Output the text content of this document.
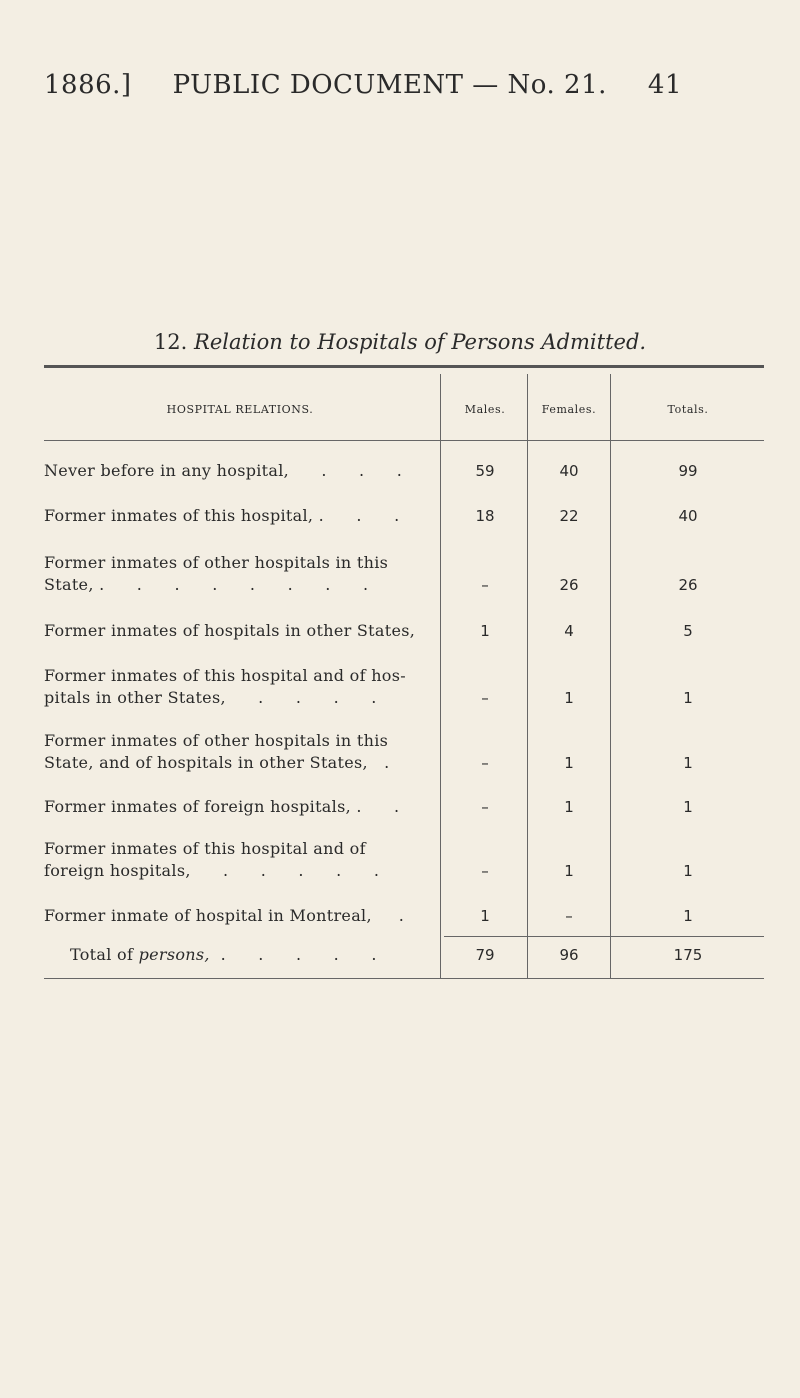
1886.] PUBLIC DOCUMENT — No. 21. 41
12. Relation to Hospitals of Persons Admitted.
HOSPITAL RELATIONS.	Males.	Females.	Totals.
Never before in any hospital,      .      .      .	59	40	99
Former inmates of this hospital, .      .      .	18	22	40
Former inmates of other hospitals in this
State, .      .      .      .      .      .      .      .	–	26	26
Former inmates of hospitals in other States,	1	4	5
Former inmates of this hospital and of hos-
pitals in other States,      .      .      .      .	–	1	1
Former inmates of other hospitals in this
State, and of hospitals in other States,   .	–	1	1
Former inmates of foreign hospitals, .      .	–	1	1
Former inmates of this hospital and of
foreign hospitals,      .      .      .      .      .	–	1	1
Former inmate of hospital in Montreal,     .	1	–	1
Total of persons,  .      .      .      .      .	79	96	175
